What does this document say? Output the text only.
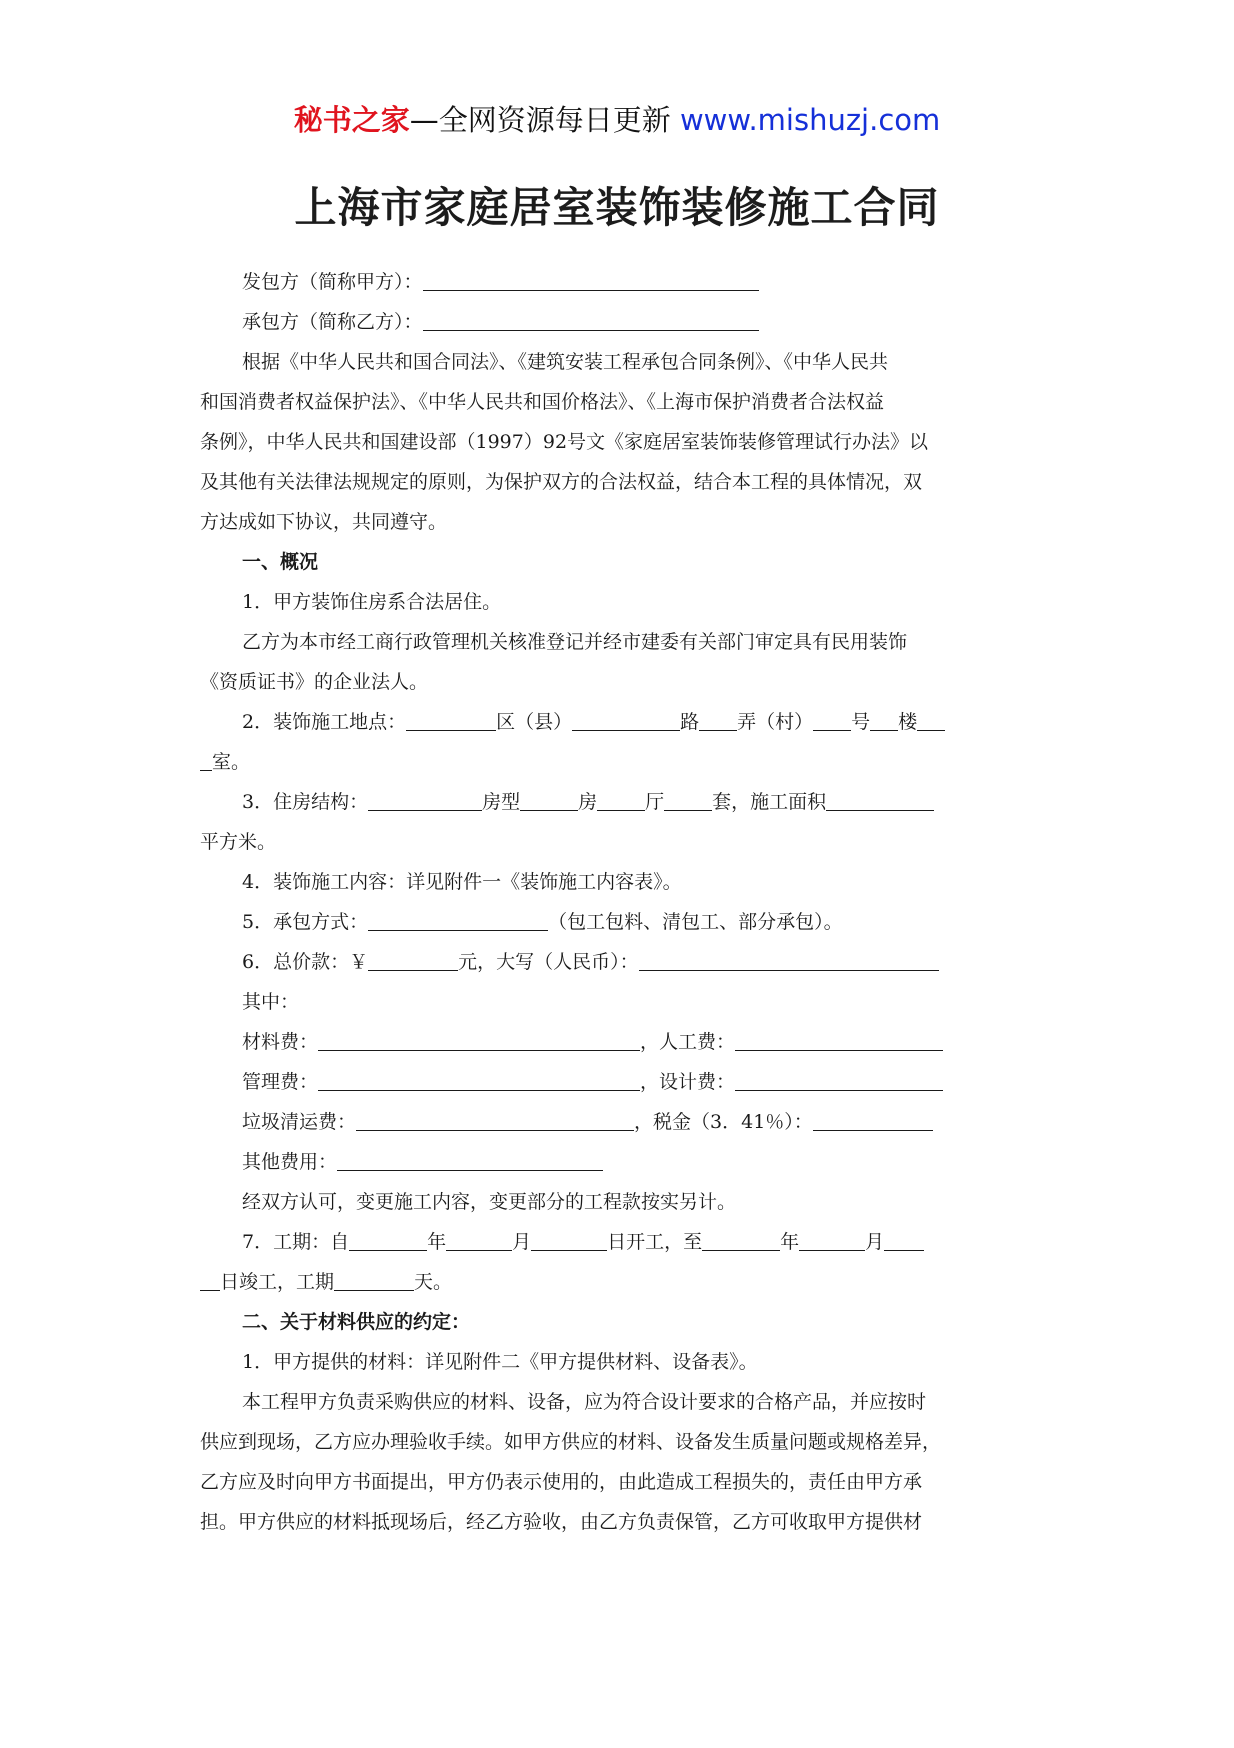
秘书之家—全网资源每日更新 www.mishuzj.com
上海市家庭居室装饰装修施工合同
发包方（简称甲方）：
承包方（简称乙方）：
根据《中华人民共和国合同法》、《建筑安装工程承包合同条例》、《中华人民共
和国消费者权益保护法》、《中华人民共和国价格法》、《上海市保护消费者合法权益
条例》，中华人民共和国建设部（1997）92号文《家庭居室装饰装修管理试行办法》以
及其他有关法律法规规定的原则，为保护双方的合法权益，结合本工程的具体情况，双
方达成如下协议，共同遵守。
一、概况
1．甲方装饰住房系合法居住。
乙方为本市经工商行政管理机关核准登记并经市建委有关部门审定具有民用装饰
《资质证书》的企业法人。
2．装饰施工地点：	区（县）	路 弄（村） 号 楼
室。
3．住房结构：	房型	房	厅	套，施工面积
平方米。
4．装饰施工内容：详见附件一《装饰施工内容表》。
5．承包方式：	（包工包料、清包工、部分承包）。
6．总价款：￥	元，大写（人民币）：
其中：
材料费：	，人工费：
管理费：	，设计费：
垃圾清运费：	，税金（3．41％）：
其他费用：
经双方认可，变更施工内容，变更部分的工程款按实另计。
7．工期：自	年	月	日开工，至	年	月
日竣工，工期	天。
二、关于材料供应的约定：
1．甲方提供的材料：详见附件二《甲方提供材料、设备表》。
本工程甲方负责采购供应的材料、设备，应为符合设计要求的合格产品，并应按时
供应到现场，乙方应办理验收手续。如甲方供应的材料、设备发生质量问题或规格差异，
乙方应及时向甲方书面提出，甲方仍表示使用的，由此造成工程损失的，责任由甲方承
担。甲方供应的材料抵现场后，经乙方验收，由乙方负责保管，乙方可收取甲方提供材
